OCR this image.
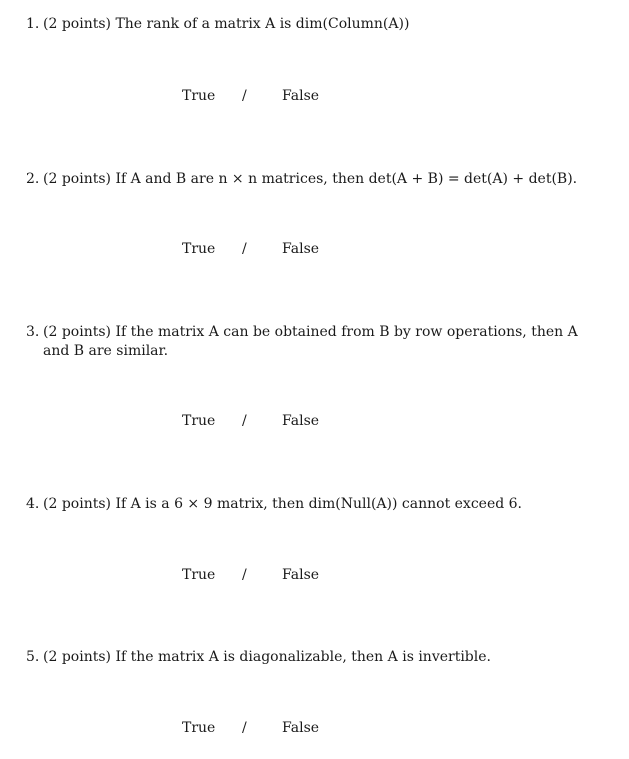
1. (2 points) The rank of a matrix A is dim(Column(A))
True /	False
2. (2 points) If A and B are n × n matrices, then det(A + B) = det(A) + det(B).
True /	False
3. (2 points) If the matrix A can be obtained from B by row operations, then A and B are similar.
True /	False
4. (2 points) If A is a 6 × 9 matrix, then dim(Null(A)) cannot exceed 6.
True /	False
5. (2 points) If the matrix A is diagonalizable, then A is invertible.
True /	False
